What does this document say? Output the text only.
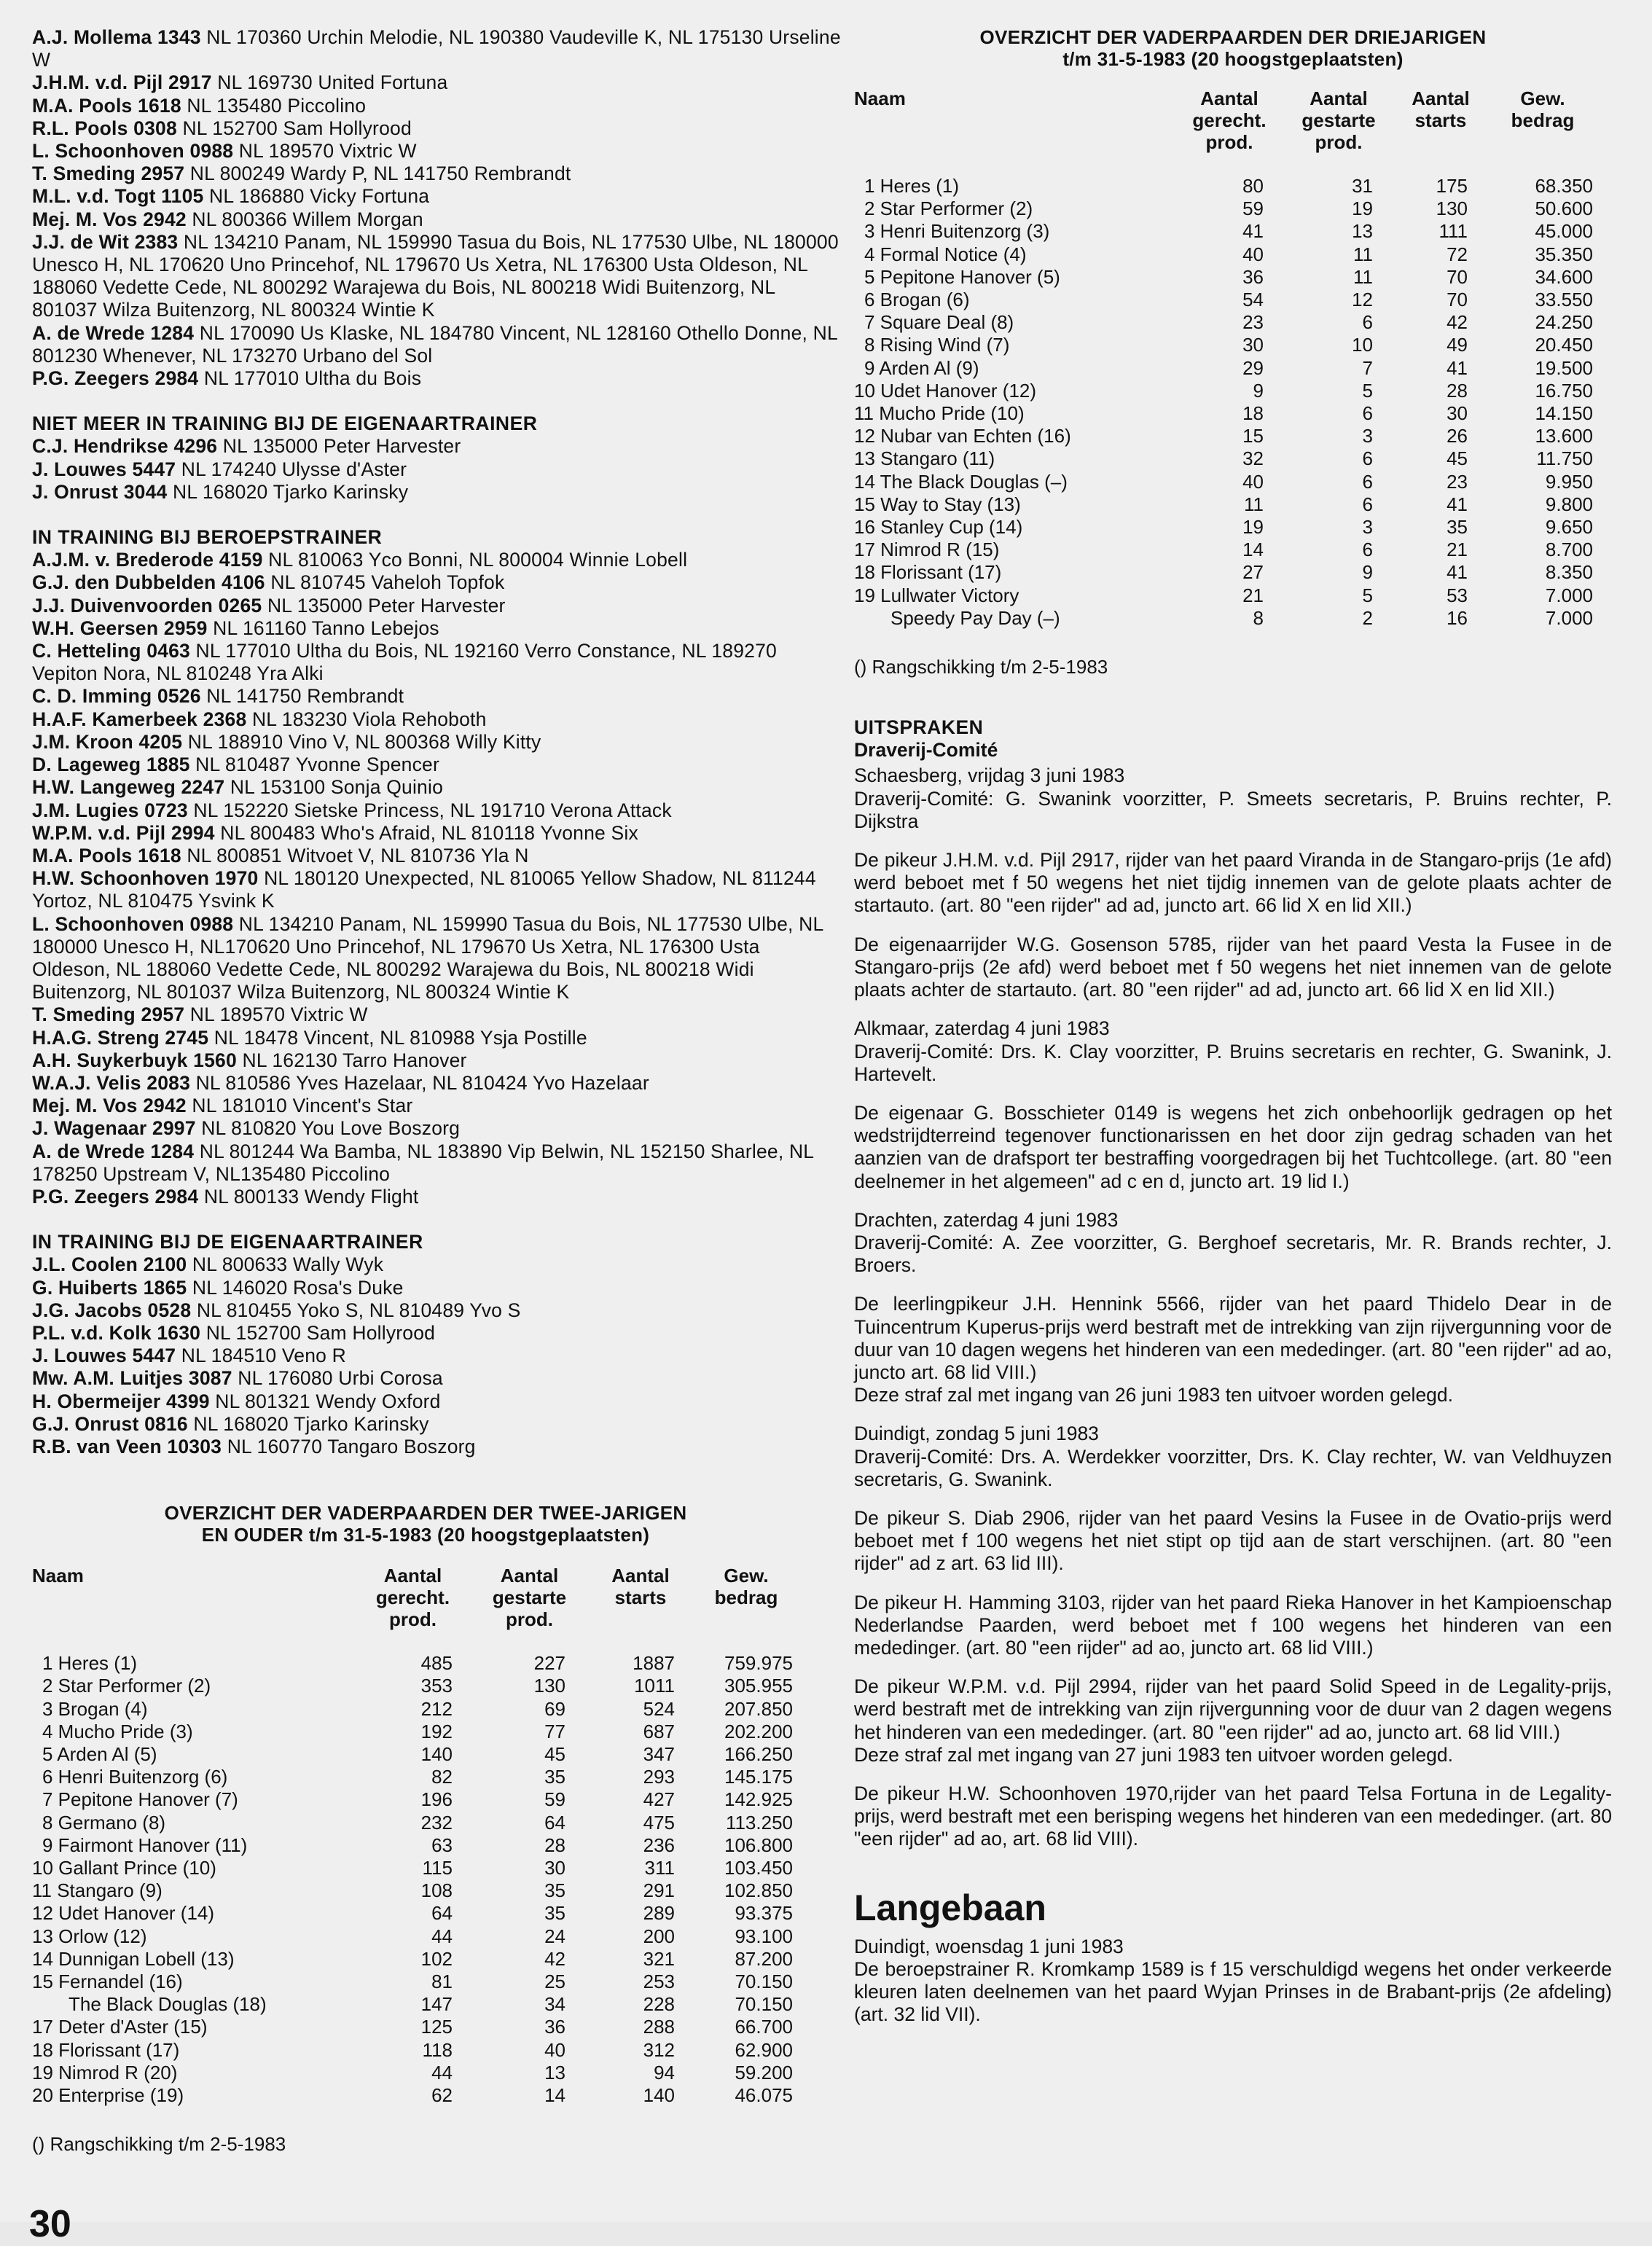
A.J. Mollema 1343 NL 170360 Urchin Melodie, NL 190380 Vaudeville K, NL 175130 Urseline W
J.H.M. v.d. Pijl 2917 NL 169730 United Fortuna
M.A. Pools 1618 NL 135480 Piccolino
R.L. Pools 0308 NL 152700 Sam Hollyrood
L. Schoonhoven 0988 NL 189570 Vixtric W
T. Smeding 2957 NL 800249 Wardy P, NL 141750 Rembrandt
M.L. v.d. Togt 1105 NL 186880 Vicky Fortuna
Mej. M. Vos 2942 NL 800366 Willem Morgan
J.J. de Wit 2383 NL 134210 Panam, NL 159990 Tasua du Bois, NL 177530 Ulbe, NL 180000 Unesco H, NL 170620 Uno Princehof, NL 179670 Us Xetra, NL 176300 Usta Oldeson, NL 188060 Vedette Cede, NL 800292 Warajewa du Bois, NL 800218 Widi Buitenzorg, NL 801037 Wilza Buitenzorg, NL 800324 Wintie K
A. de Wrede 1284 NL 170090 Us Klaske, NL 184780 Vincent, NL 128160 Othello Donne, NL 801230 Whenever, NL 173270 Urbano del Sol
P.G. Zeegers 2984 NL 177010 Ultha du Bois
NIET MEER IN TRAINING BIJ DE EIGENAARTRAINER
C.J. Hendrikse 4296 NL 135000 Peter Harvester
J. Louwes 5447 NL 174240 Ulysse d'Aster
J. Onrust 3044 NL 168020 Tjarko Karinsky
IN TRAINING BIJ BEROEPSTRAINER
A.J.M. v. Brederode 4159 NL 810063 Yco Bonni, NL 800004 Winnie Lobell
G.J. den Dubbelden 4106 NL 810745 Vaheloh Topfok
J.J. Duivenvoorden 0265 NL 135000 Peter Harvester
W.H. Geersen 2959 NL 161160 Tanno Lebejos
C. Hetteling 0463 NL 177010 Ultha du Bois, NL 192160 Verro Constance, NL 189270 Vepiton Nora, NL 810248 Yra Alki
C. D. Imming 0526 NL 141750 Rembrandt
H.A.F. Kamerbeek 2368 NL 183230 Viola Rehoboth
J.M. Kroon 4205 NL 188910 Vino V, NL 800368 Willy Kitty
D. Lageweg 1885 NL 810487 Yvonne Spencer
H.W. Langeweg 2247 NL 153100 Sonja Quinio
J.M. Lugies 0723 NL 152220 Sietske Princess, NL 191710 Verona Attack
W.P.M. v.d. Pijl 2994 NL 800483 Who's Afraid, NL 810118 Yvonne Six
M.A. Pools 1618 NL 800851 Witvoet V, NL 810736 Yla N
H.W. Schoonhoven 1970 NL 180120 Unexpected, NL 810065 Yellow Shadow, NL 811244 Yortoz, NL 810475 Ysvink K
L. Schoonhoven 0988 NL 134210 Panam, NL 159990 Tasua du Bois, NL 177530 Ulbe, NL 180000 Unesco H, NL170620 Uno Princehof, NL 179670 Us Xetra, NL 176300 Usta Oldeson, NL 188060 Vedette Cede, NL 800292 Warajewa du Bois, NL 800218 Widi Buitenzorg, NL 801037 Wilza Buitenzorg, NL 800324 Wintie K
T. Smeding 2957 NL 189570 Vixtric W
H.A.G. Streng 2745 NL 18478 Vincent, NL 810988 Ysja Postille
A.H. Suykerbuyk 1560 NL 162130 Tarro Hanover
W.A.J. Velis 2083 NL 810586 Yves Hazelaar, NL 810424 Yvo Hazelaar
Mej. M. Vos 2942 NL 181010 Vincent's Star
J. Wagenaar 2997 NL 810820 You Love Boszorg
A. de Wrede 1284 NL 801244 Wa Bamba, NL 183890 Vip Belwin, NL 152150 Sharlee, NL 178250 Upstream V, NL135480 Piccolino
P.G. Zeegers 2984 NL 800133 Wendy Flight
IN TRAINING BIJ DE EIGENAARTRAINER
J.L. Coolen 2100 NL 800633 Wally Wyk
G. Huiberts 1865 NL 146020 Rosa's Duke
J.G. Jacobs 0528 NL 810455 Yoko S, NL 810489 Yvo S
P.L. v.d. Kolk 1630 NL 152700 Sam Hollyrood
J. Louwes 5447 NL 184510 Veno R
Mw. A.M. Luitjes 3087 NL 176080 Urbi Corosa
H. Obermeijer 4399 NL 801321 Wendy Oxford
G.J. Onrust 0816 NL 168020 Tjarko Karinsky
R.B. van Veen 10303 NL 160770 Tangaro Boszorg
OVERZICHT DER VADERPAARDEN DER TWEE-JARIGEN
EN OUDER t/m 31-5-1983 (20 hoogstgeplaatsten)
Naam	Aantal gerecht. prod.	Aantal gestarte prod.	Aantal starts	Gew. bedrag

1 Heres (1)	485	227	1887	759.975
2 Star Performer (2)	353	130	1011	305.955
3 Brogan (4)	212	69	524	207.850
4 Mucho Pride (3)	192	77	687	202.200
5 Arden Al (5)	140	45	347	166.250
6 Henri Buitenzorg (6)	82	35	293	145.175
7 Pepitone Hanover (7)	196	59	427	142.925
8 Germano (8)	232	64	475	113.250
9 Fairmont Hanover (11)	63	28	236	106.800
10 Gallant Prince (10)	115	30	311	103.450
11 Stangaro (9)	108	35	291	102.850
12 Udet Hanover (14)	64	35	289	93.375
13 Orlow (12)	44	24	200	93.100
14 Dunnigan Lobell (13)	102	42	321	87.200
15 Fernandel (16)	81	25	253	70.150
The Black Douglas (18)	147	34	228	70.150
17 Deter d'Aster (15)	125	36	288	66.700
18 Florissant (17)	118	40	312	62.900
19 Nimrod R (20)	44	13	94	59.200
20 Enterprise (19)	62	14	140	46.075
() Rangschikking t/m 2-5-1983
OVERZICHT DER VADERPAARDEN DER DRIEJARIGEN
t/m 31-5-1983 (20 hoogstgeplaatsten)
Naam	Aantal gerecht. prod.	Aantal gestarte prod.	Aantal starts	Gew. bedrag

1 Heres (1)	80	31	175	68.350
2 Star Performer (2)	59	19	130	50.600
3 Henri Buitenzorg (3)	41	13	111	45.000
4 Formal Notice (4)	40	11	72	35.350
5 Pepitone Hanover (5)	36	11	70	34.600
6 Brogan (6)	54	12	70	33.550
7 Square Deal (8)	23	6	42	24.250
8 Rising Wind (7)	30	10	49	20.450
9 Arden Al (9)	29	7	41	19.500
10 Udet Hanover (12)	9	5	28	16.750
11 Mucho Pride (10)	18	6	30	14.150
12 Nubar van Echten (16)	15	3	26	13.600
13 Stangaro (11)	32	6	45	11.750
14 The Black Douglas (–)	40	6	23	9.950
15 Way to Stay (13)	11	6	41	9.800
16 Stanley Cup (14)	19	3	35	9.650
17 Nimrod R (15)	14	6	21	8.700
18 Florissant (17)	27	9	41	8.350
19 Lullwater Victory	21	5	53	7.000
Speedy Pay Day (–)	8	2	16	7.000
() Rangschikking t/m 2-5-1983
UITSPRAKEN
Draverij-Comité
Schaesberg, vrijdag 3 juni 1983
Draverij-Comité: G. Swanink voorzitter, P. Smeets secretaris, P. Bruins rechter, P. Dijkstra
De pikeur J.H.M. v.d. Pijl 2917, rijder van het paard Viranda in de Stangaro-prijs (1e afd) werd beboet met f 50 wegens het niet tijdig innemen van de gelote plaats achter de startauto. (art. 80 "een rijder" ad ad, juncto art. 66 lid X en lid XII.)
De eigenaarrijder W.G. Gosenson 5785, rijder van het paard Vesta la Fusee in de Stangaro-prijs (2e afd) werd beboet met f 50 wegens het niet innemen van de gelote plaats achter de startauto. (art. 80 "een rijder" ad ad, juncto art. 66 lid X en lid XII.)
Alkmaar, zaterdag 4 juni 1983
Draverij-Comité: Drs. K. Clay voorzitter, P. Bruins secretaris en rechter, G. Swanink, J. Hartevelt.
De eigenaar G. Bosschieter 0149 is wegens het zich onbehoorlijk gedragen op het wedstrijdterreind tegenover functionarissen en het door zijn gedrag schaden van het aanzien van de drafsport ter bestraffing voorgedragen bij het Tuchtcollege. (art. 80 "een deelnemer in het algemeen" ad c en d, juncto art. 19 lid I.)
Drachten, zaterdag 4 juni 1983
Draverij-Comité: A. Zee voorzitter, G. Berghoef secretaris, Mr. R. Brands rechter, J. Broers.
De leerlingpikeur J.H. Hennink 5566, rijder van het paard Thidelo Dear in de Tuincentrum Kuperus-prijs werd bestraft met de intrekking van zijn rijvergunning voor de duur van 10 dagen wegens het hinderen van een mededinger. (art. 80 "een rijder" ad ao, juncto art. 68 lid VIII.)
Deze straf zal met ingang van 26 juni 1983 ten uitvoer worden gelegd.
Duindigt, zondag 5 juni 1983
Draverij-Comité: Drs. A. Werdekker voorzitter, Drs. K. Clay rechter, W. van Veldhuyzen secretaris, G. Swanink.
De pikeur S. Diab 2906, rijder van het paard Vesins la Fusee in de Ovatio-prijs werd beboet met f 100 wegens het niet stipt op tijd aan de start verschijnen. (art. 80 "een rijder" ad z art. 63 lid III).
De pikeur H. Hamming 3103, rijder van het paard Rieka Hanover in het Kampioenschap Nederlandse Paarden, werd beboet met f 100 wegens het hinderen van een mededinger. (art. 80 "een rijder" ad ao, juncto art. 68 lid VIII.)
De pikeur W.P.M. v.d. Pijl 2994, rijder van het paard Solid Speed in de Legality-prijs, werd bestraft met de intrekking van zijn rijvergunning voor de duur van 2 dagen wegens het hinderen van een mededinger. (art. 80 "een rijder" ad ao, juncto art. 68 lid VIII.)
Deze straf zal met ingang van 27 juni 1983 ten uitvoer worden gelegd.
De pikeur H.W. Schoonhoven 1970,rijder van het paard Telsa Fortuna in de Legality-prijs, werd bestraft met een berisping wegens het hinderen van een mededinger. (art. 80 "een rijder" ad ao, art. 68 lid VIII).
Langebaan
Duindigt, woensdag 1 juni 1983
De beroepstrainer R. Kromkamp 1589 is f 15 verschuldigd wegens het onder verkeerde kleuren laten deelnemen van het paard Wyjan Prinses in de Brabant-prijs (2e afdeling) (art. 32 lid VII).
30
